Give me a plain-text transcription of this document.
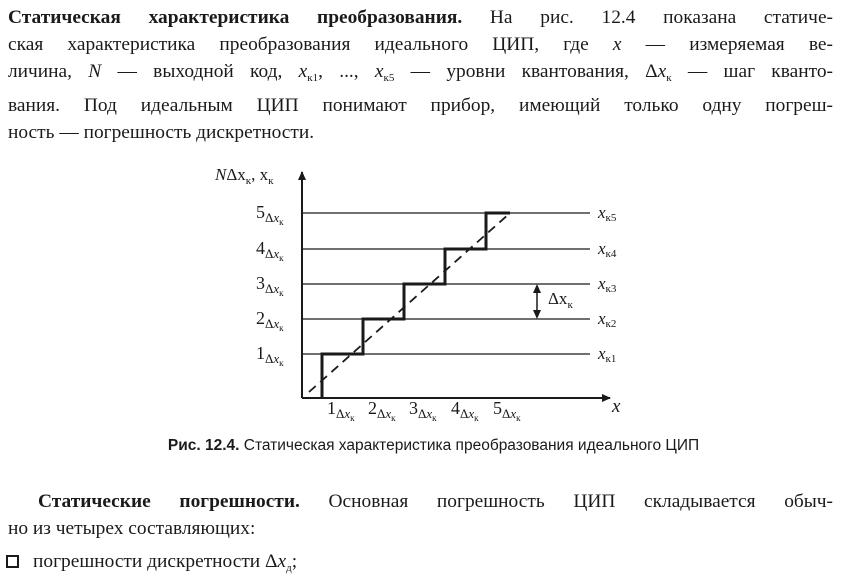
Статическая характеристика преобразования. На рис. 12.4 показана статиче-
ская характеристика преобразования идеального ЦИП, где x — измеряемая ве-
личина, N — выходной код, $x_{к1}$, ..., $x_{к5}$ — уровни квантования, $\Delta x_к$ — шаг кванто-
вания. Под идеальным ЦИП понимают прибор, имеющий только одну погреш-
ность — погрешность дискретности.
$\Delta x_к$
NΔx$_к$, $x_к$
x
$1_\Delta xк$
$2_\Delta xк$
$3_\Delta xк$
$4_\Delta xк$
$5_\Delta xк$
$1_\Delta xк$ $2_\Delta xк$ $3_\Delta xк$ $4_\Delta xк$ $5_\Delta xк$
xк1
xк2
xк3
xк4
xк5
Рис. 12.4. Статическая характеристика преобразования идеального ЦИП
Статические погрешности. Основная погрешность ЦИП складывается обыч-
но из четырех составляющих:
погрешности дискретности $\Delta x_д$;
